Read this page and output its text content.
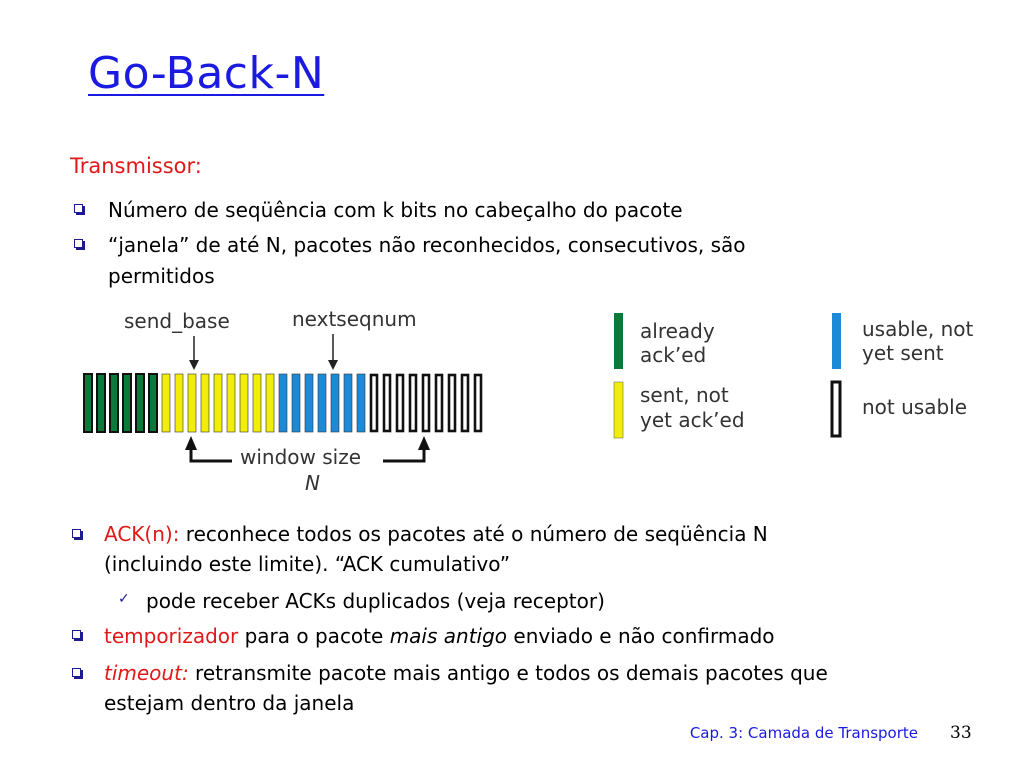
Go-Back-N
Transmissor:
Número de seqüência com k bits no cabeçalho do pacote
“janela” de até N, pacotes não reconhecidos, consecutivos, são
permitidos
send_base	nextseqnum
window size
N
already
ack’ed
sent, not
yet ack’ed
usable, not
yet sent
not usable
ACK(n): reconhece todos os pacotes até o número de seqüência N
(incluindo este limite). “ACK cumulativo”
✓ pode receber ACKs duplicados (veja receptor)
temporizador para o pacote mais antigo enviado e não confirmado
timeout: retransmite pacote mais antigo e todos os demais pacotes que
estejam dentro da janela
Cap. 3: Camada de Transporte 33
